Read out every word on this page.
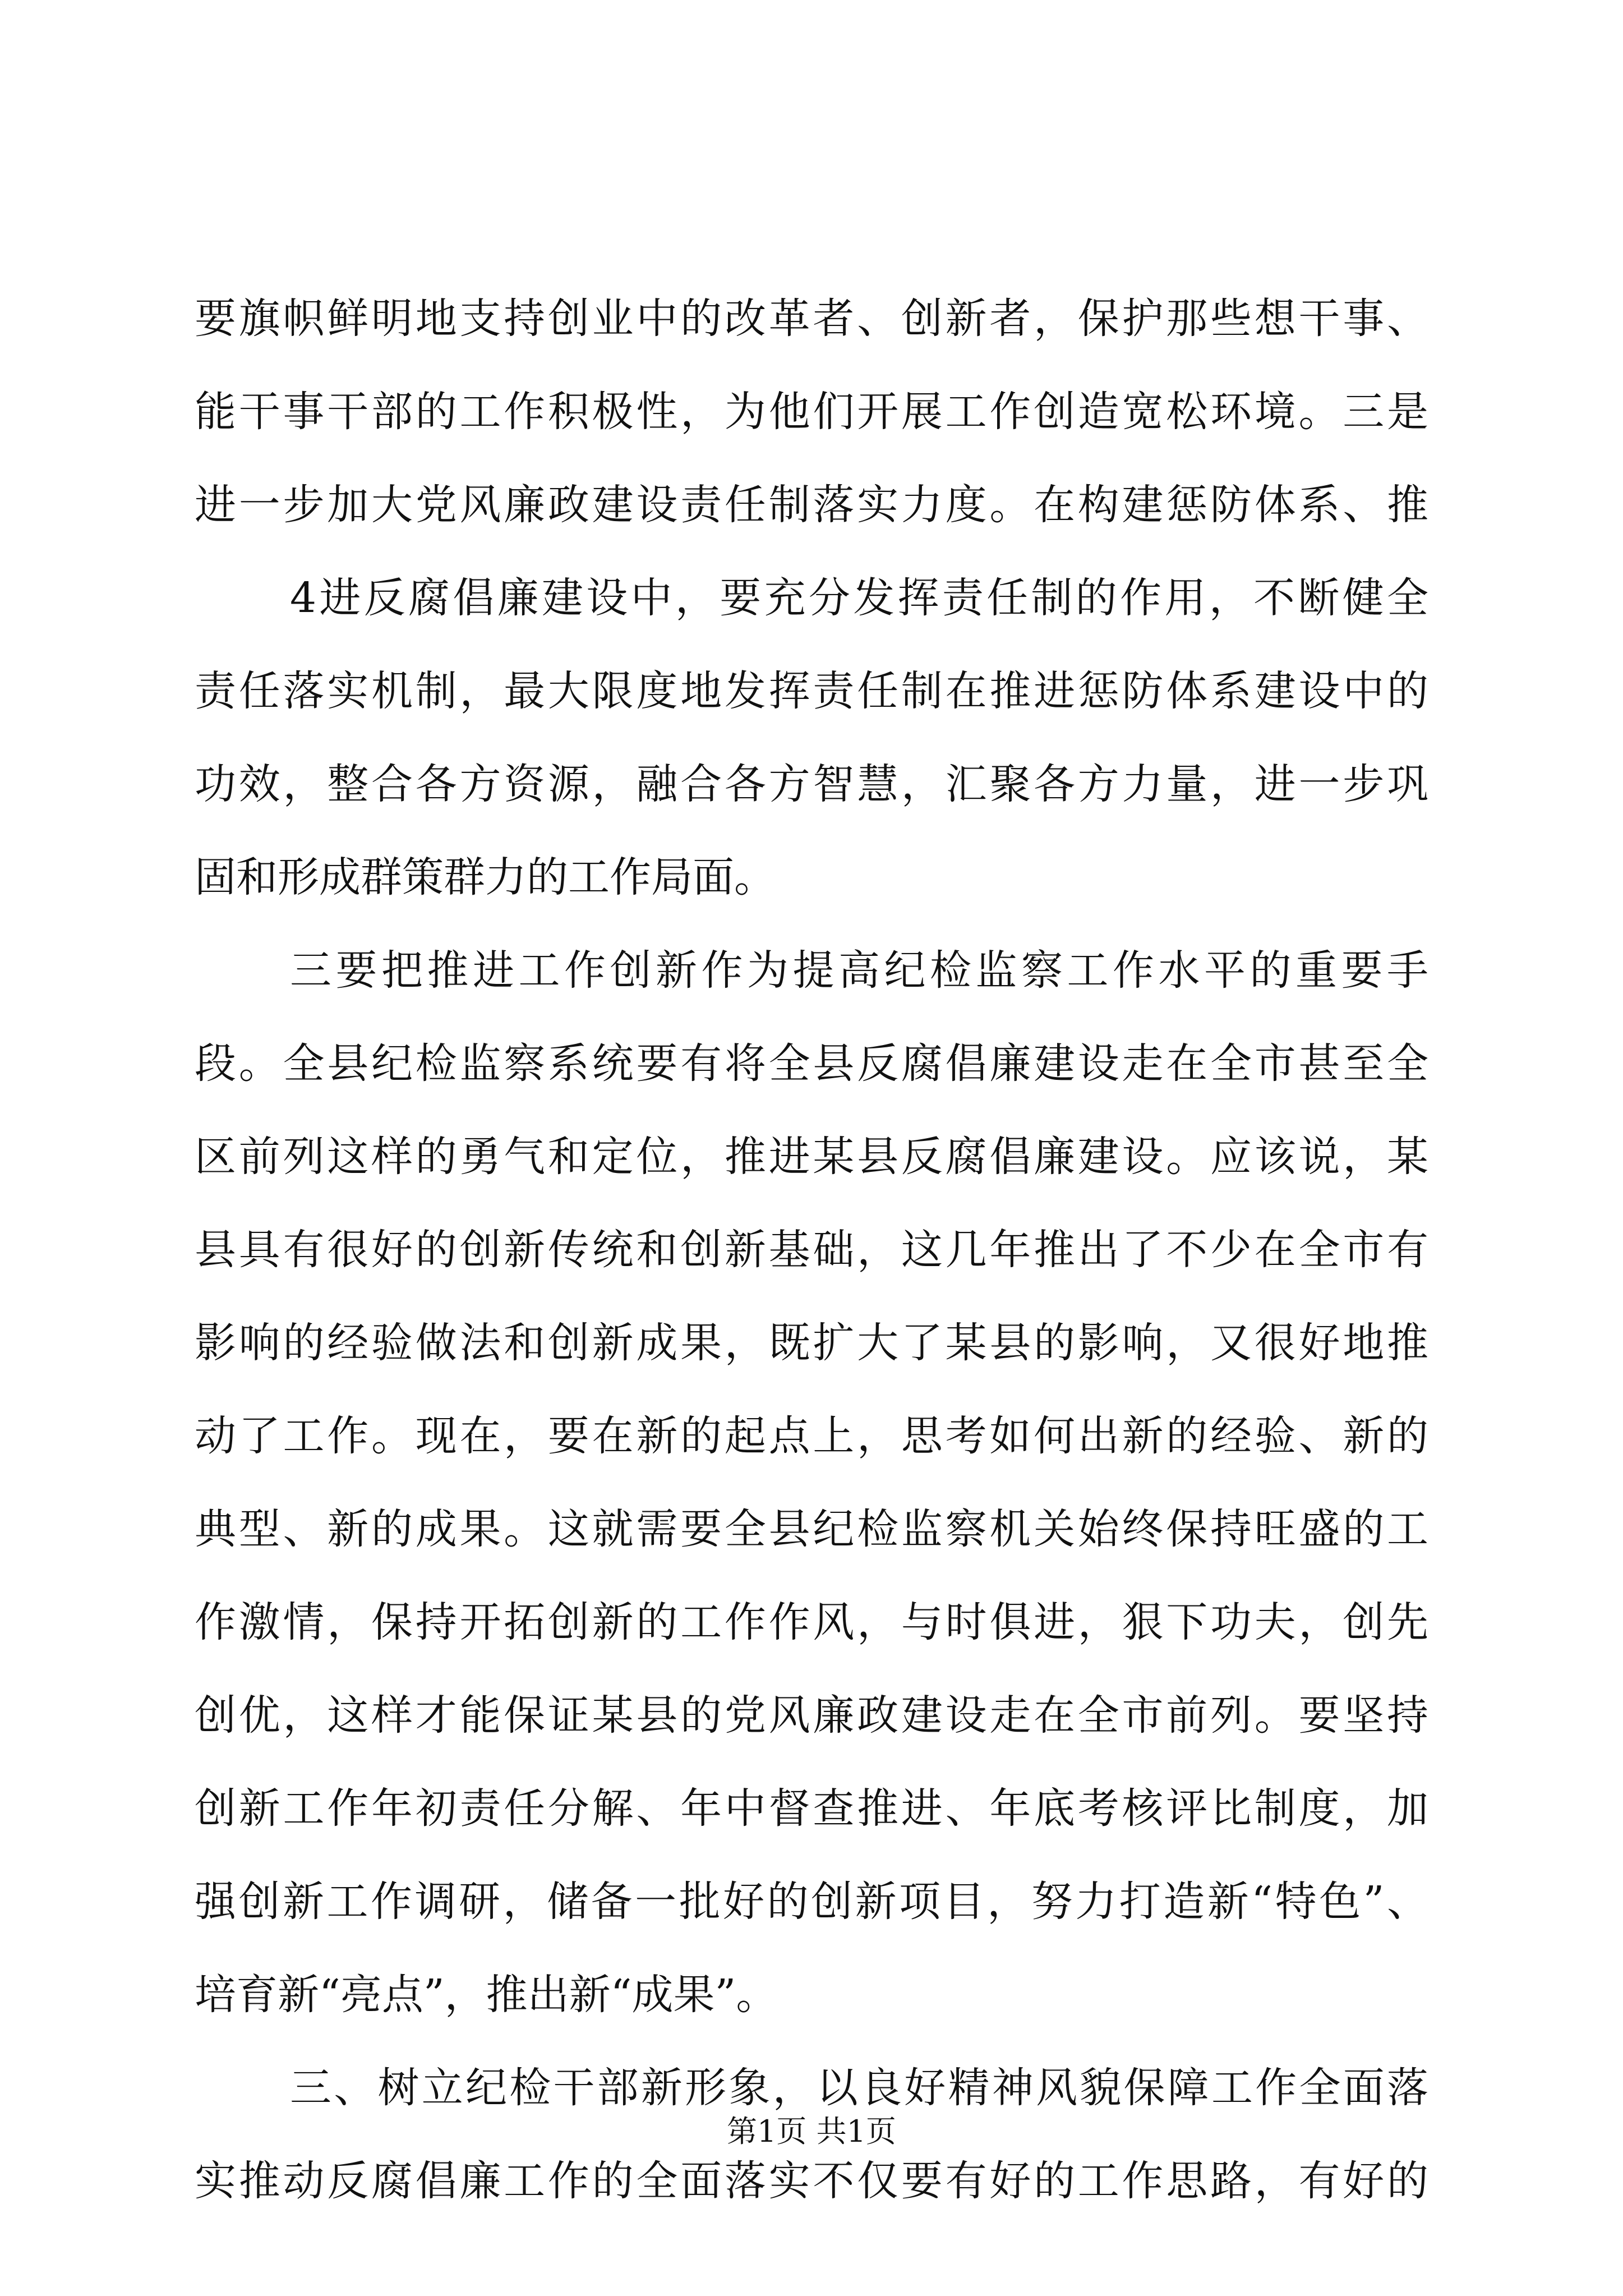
要旗帜鲜明地支持创业中的改革者、创新者，保护那些想干事、
能干事干部的工作积极性，为他们开展工作创造宽松环境。三是
进一步加大党风廉政建设责任制落实力度。在构建惩防体系、推
4进反腐倡廉建设中，要充分发挥责任制的作用，不断健全
责任落实机制，最大限度地发挥责任制在推进惩防体系建设中的
功效，整合各方资源，融合各方智慧，汇聚各方力量，进一步巩
固和形成群策群力的工作局面。
三要把推进工作创新作为提高纪检监察工作水平的重要手
段。全县纪检监察系统要有将全县反腐倡廉建设走在全市甚至全
区前列这样的勇气和定位，推进某县反腐倡廉建设。应该说，某
县具有很好的创新传统和创新基础，这几年推出了不少在全市有
影响的经验做法和创新成果，既扩大了某县的影响，又很好地推
动了工作。现在，要在新的起点上，思考如何出新的经验、新的
典型、新的成果。这就需要全县纪检监察机关始终保持旺盛的工
作激情，保持开拓创新的工作作风，与时俱进，狠下功夫，创先
创优，这样才能保证某县的党风廉政建设走在全市前列。要坚持
创新工作年初责任分解、年中督查推进、年底考核评比制度，加
强创新工作调研，储备一批好的创新项目，努力打造新“特色”、
培育新“亮点”，推出新“成果”。
三、树立纪检干部新形象，以良好精神风貌保障工作全面落
实推动反腐倡廉工作的全面落实不仅要有好的工作思路，有好的
第1页 共1页
